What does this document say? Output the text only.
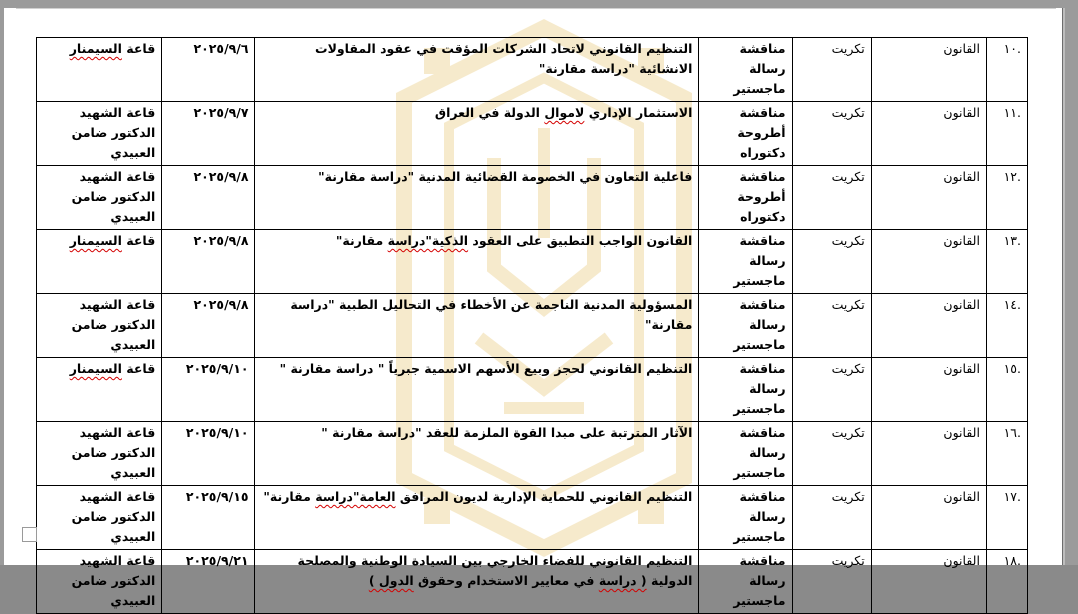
.١٠	القانون	تكريت	مناقشة رسالة ماجستير	التنظيم القانوني لاتحاد الشركات المؤقت في عقود المقاولات الانشائية "دراسة مقارنة"	٢٠٢٥/٩/٦	قاعة السيمنار
.١١	القانون	تكريت	مناقشة أطروحة دكتوراه	الاستثمار الإداري لاموال الدولة في العراق	٢٠٢٥/٩/٧	قاعة الشهيد الدكتور ضامن العبيدي
.١٢	القانون	تكريت	مناقشة أطروحة دكتوراه	فاعلية التعاون في الخصومة القضائية المدنية "دراسة مقارنة"	٢٠٢٥/٩/٨	قاعة الشهيد الدكتور ضامن العبيدي
.١٣	القانون	تكريت	مناقشة رسالة ماجستير	القانون الواجب التطبيق على العقود الذكية"دراسة مقارنة"	٢٠٢٥/٩/٨	قاعة السيمنار
.١٤	القانون	تكريت	مناقشة رسالة ماجستير	المسؤولية المدنية الناجمة عن الأخطاء في التحاليل الطبية "دراسة مقارنة"	٢٠٢٥/٩/٨	قاعة الشهيد الدكتور ضامن العبيدي
.١٥	القانون	تكريت	مناقشة رسالة ماجستير	التنظيم القانوني لحجز وبيع الأسهم الاسمية جبرياً " دراسة مقارنة "	٢٠٢٥/٩/١٠	قاعة السيمنار
.١٦	القانون	تكريت	مناقشة رسالة ماجستير	الآثار المترتبة على مبدا القوة الملزمة للعقد "دراسة مقارنة "	٢٠٢٥/٩/١٠	قاعة الشهيد الدكتور ضامن العبيدي
.١٧	القانون	تكريت	مناقشة رسالة ماجستير	التنظيم القانوني للحماية الإدارية لديون المرافق العامة"دراسة مقارنة"	٢٠٢٥/٩/١٥	قاعة الشهيد الدكتور ضامن العبيدي
.١٨	القانون	تكريت	مناقشة رسالة ماجستير	التنظيم القانوني للفضاء الخارجي بين السيادة الوطنية والمصلحة الدولية ( دراسة في معايير الاستخدام وحقوق الدول )	٢٠٢٥/٩/٢١	قاعة الشهيد الدكتور ضامن العبيدي
